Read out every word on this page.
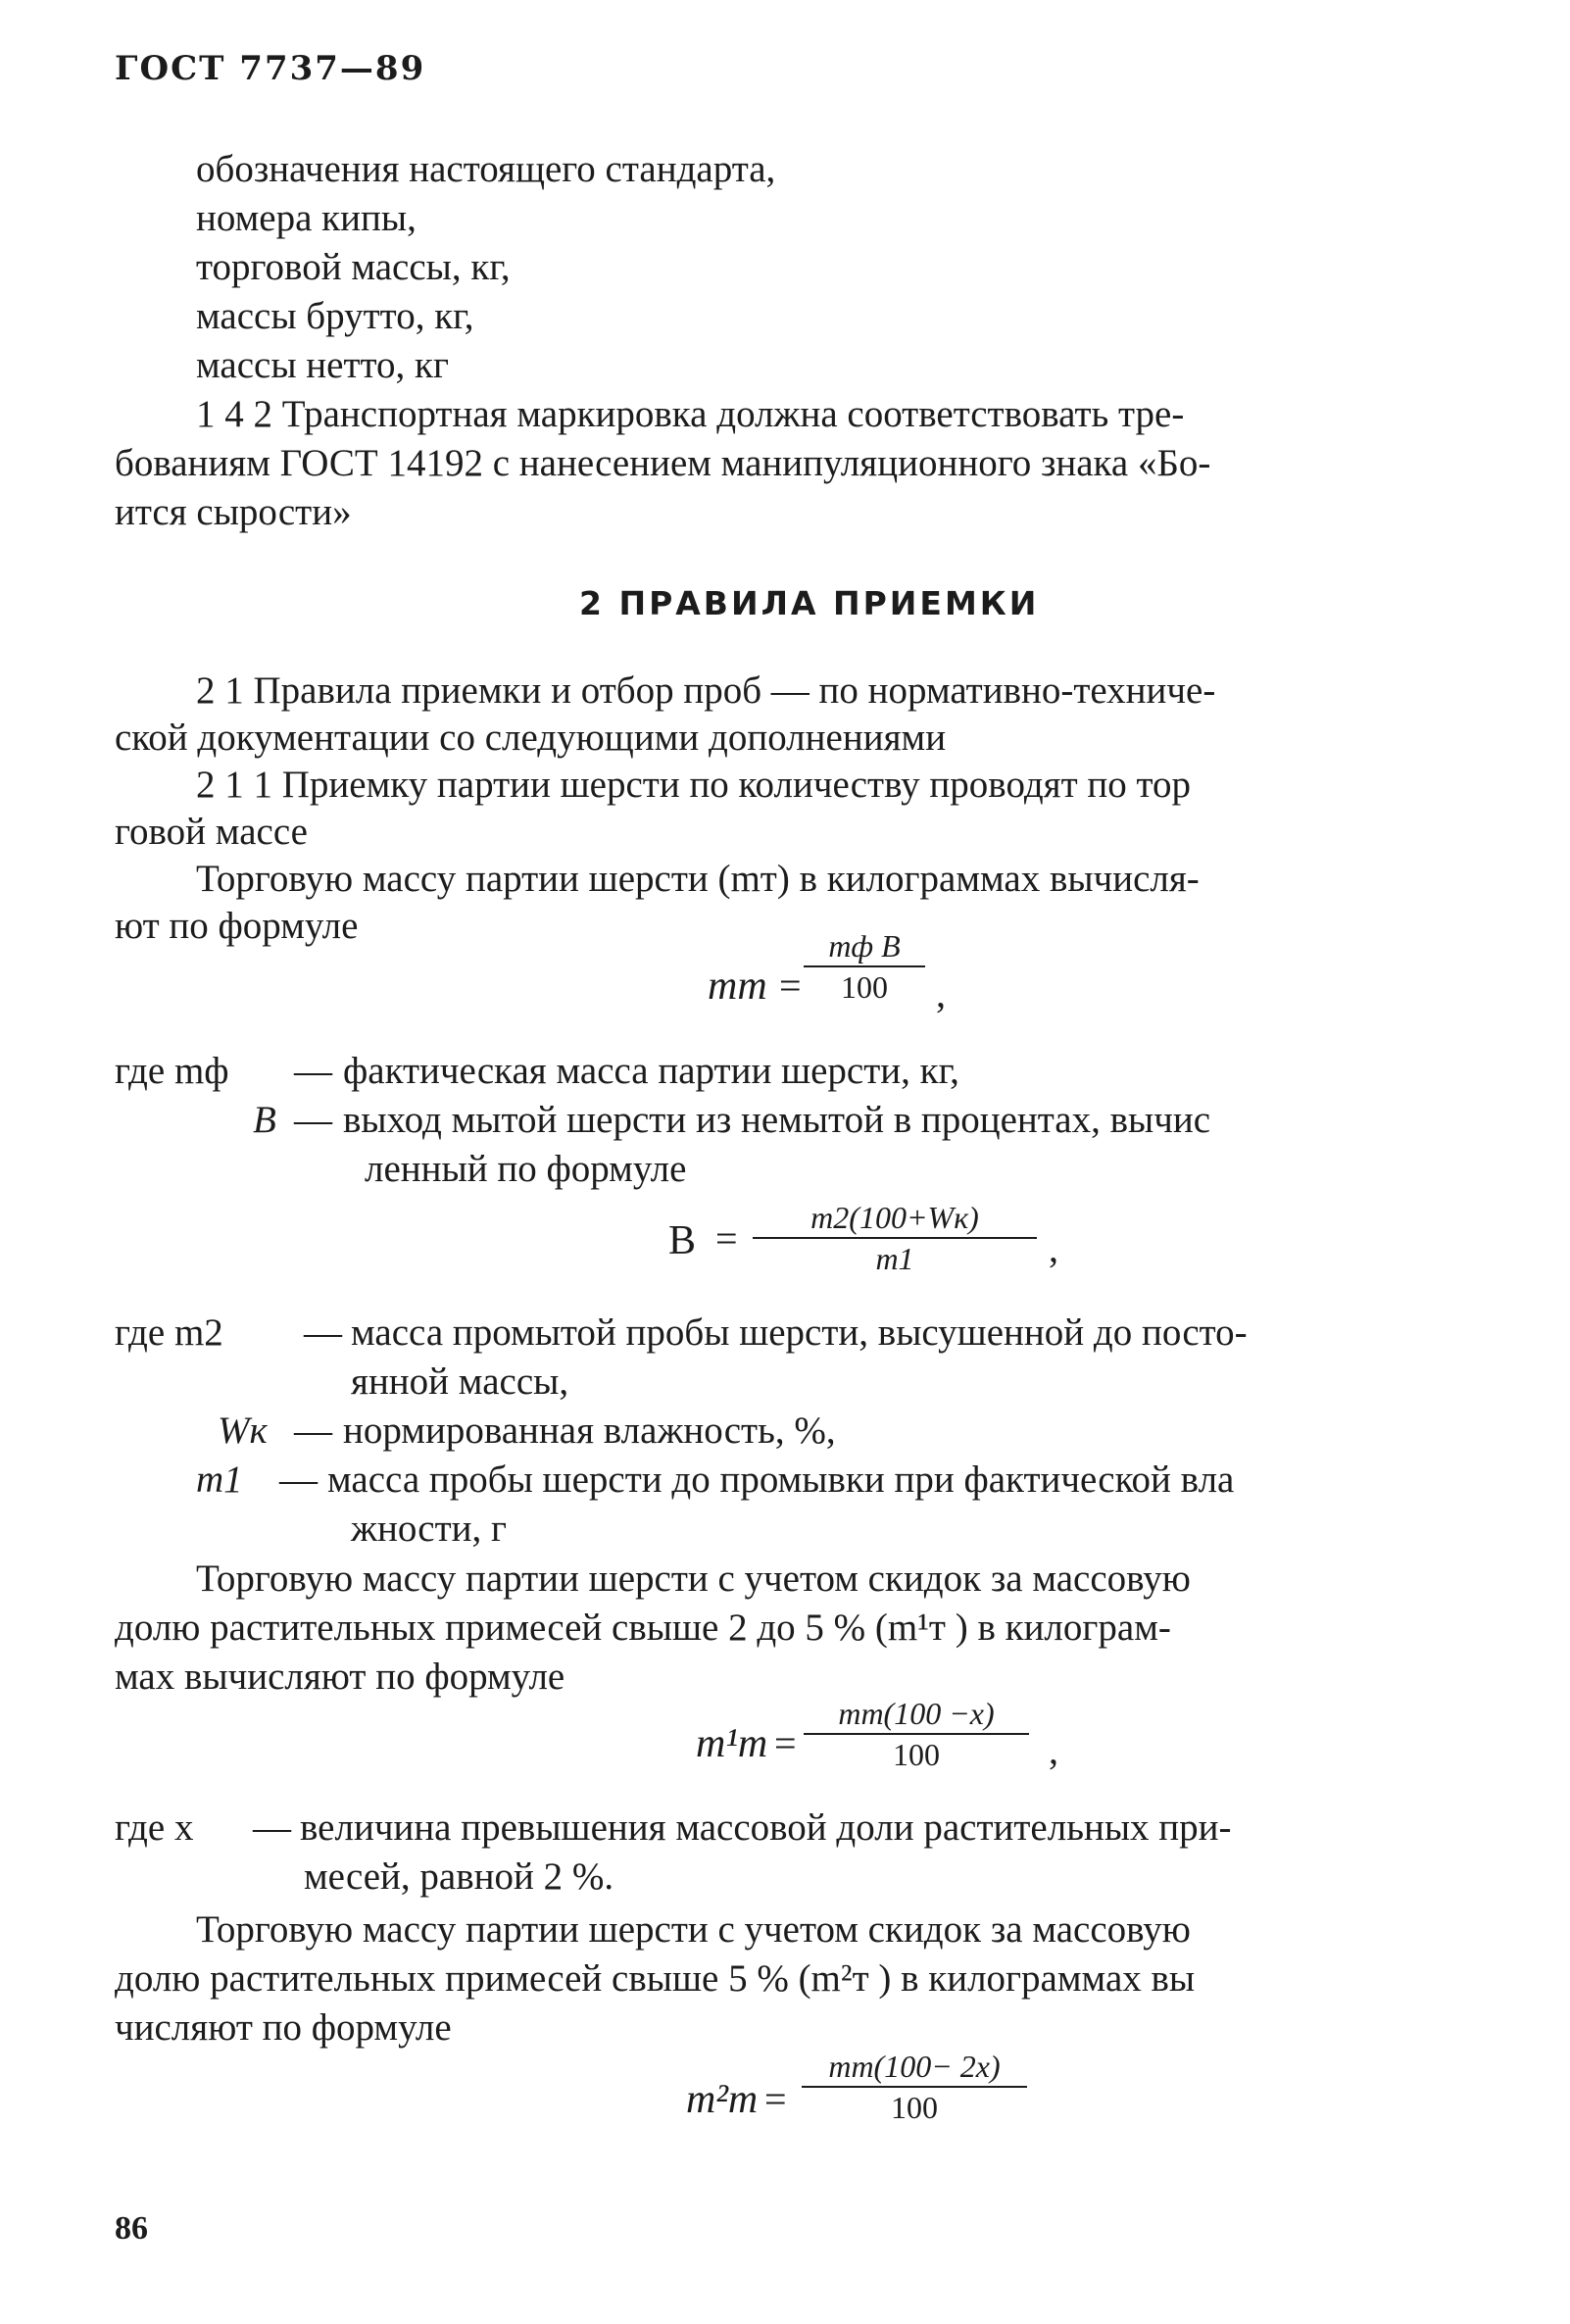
ГОСТ 7737—89
обозначения настоящего стандарта,
номера кипы,
торговой массы, кг,
массы брутто, кг,
массы нетто, кг
1 4 2 Транспортная маркировка должна соответствовать тре-
бованиям ГОСТ 14192 с нанесением манипуляционного знака «Бо-
ится сырости»
2 ПРАВИЛА ПРИЕМКИ
2 1 Правила приемки и отбор проб — по нормативно-техниче-
ской документации со следующими дополнениями
2 1 1 Приемку партии шерсти по количеству проводят по тор
говой массе
Торговую массу партии шерсти (mт) в килограммах вычисля-
ют по формуле
mт =
mф B
100	,
где mф — фактическая масса партии шерсти, кг,
B — выход мытой шерсти из немытой в процентах, вычис
ленный по формуле
B =	m2(100+Wк)
m1	,
где m2 — масса промытой пробы шерсти, высушенной до посто-
янной массы,
Wк — нормированная влажность, %,
m1 — масса пробы шерсти до промывки при фактической вла
жности, г
Торговую массу партии шерсти с учетом скидок за массовую
долю растительных примесей свыше 2 до 5 % (m¹т ) в килограм-
мах вычисляют по формуле
m¹т =
mт(100 −x)
100	,
где x — величина превышения массовой доли растительных при-
месей, равной 2 %.
Торговую массу партии шерсти с учетом скидок за массовую
долю растительных примесей свыше 5 % (m²т ) в килограммах вы
числяют по формуле
m²т =
mт(100− 2x)
100
86
